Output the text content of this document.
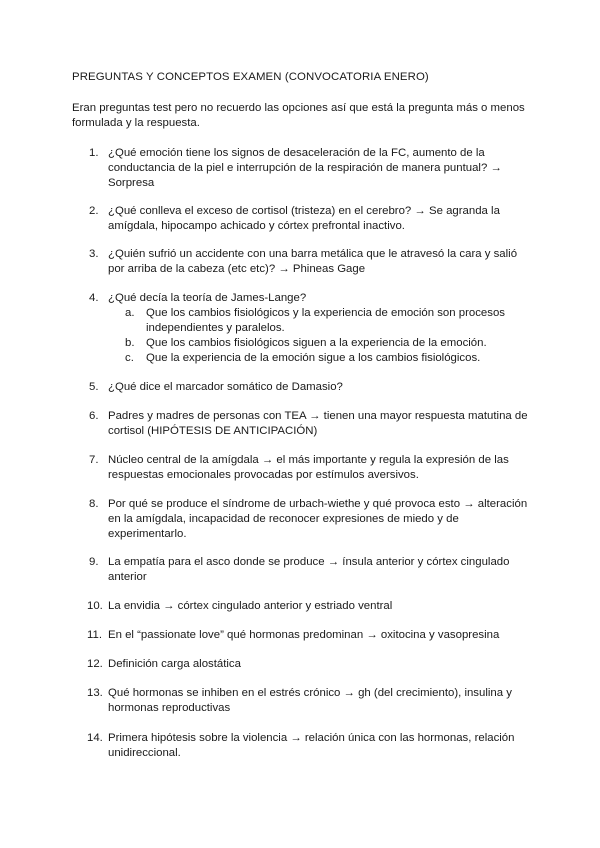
PREGUNTAS Y CONCEPTOS EXAMEN (CONVOCATORIA ENERO)

Eran preguntas test pero no recuerdo las opciones así que está la pregunta más o menos formulada y la respuesta.

1. ¿Qué emoción tiene los signos de desaceleración de la FC, aumento de la conductancia de la piel e interrupción de la respiración de manera puntual? → Sorpresa
2. ¿Qué conlleva el exceso de cortisol (tristeza) en el cerebro? → Se agranda la amígdala, hipocampo achicado y córtex prefrontal inactivo.
3. ¿Quién sufrió un accidente con una barra metálica que le atravesó la cara y salió por arriba de la cabeza (etc etc)? → Phineas Gage
4. ¿Qué decía la teoría de James-Lange?
a. Que los cambios fisiológicos y la experiencia de emoción son procesos independientes y paralelos.
b. Que los cambios fisiológicos siguen a la experiencia de la emoción.
c. Que la experiencia de la emoción sigue a los cambios fisiológicos.
5. ¿Qué dice el marcador somático de Damasio?
6. Padres y madres de personas con TEA → tienen una mayor respuesta matutina de cortisol (HIPÓTESIS DE ANTICIPACIÓN)
7. Núcleo central de la amígdala → el más importante y regula la expresión de las respuestas emocionales provocadas por estímulos aversivos.
8. Por qué se produce el síndrome de urbach-wiethe y qué provoca esto → alteración en la amígdala, incapacidad de reconocer expresiones de miedo y de experimentarlo.
9. La empatía para el asco donde se produce → ínsula anterior y córtex cingulado anterior
10. La envidia → córtex cingulado anterior y estriado ventral
11. En el “passionate love” qué hormonas predominan → oxitocina y vasopresina
12. Definición carga alostática
13. Qué hormonas se inhiben en el estrés crónico → gh (del crecimiento), insulina y hormonas reproductivas
14. Primera hipótesis sobre la violencia → relación única con las hormonas, relación unidireccional.
